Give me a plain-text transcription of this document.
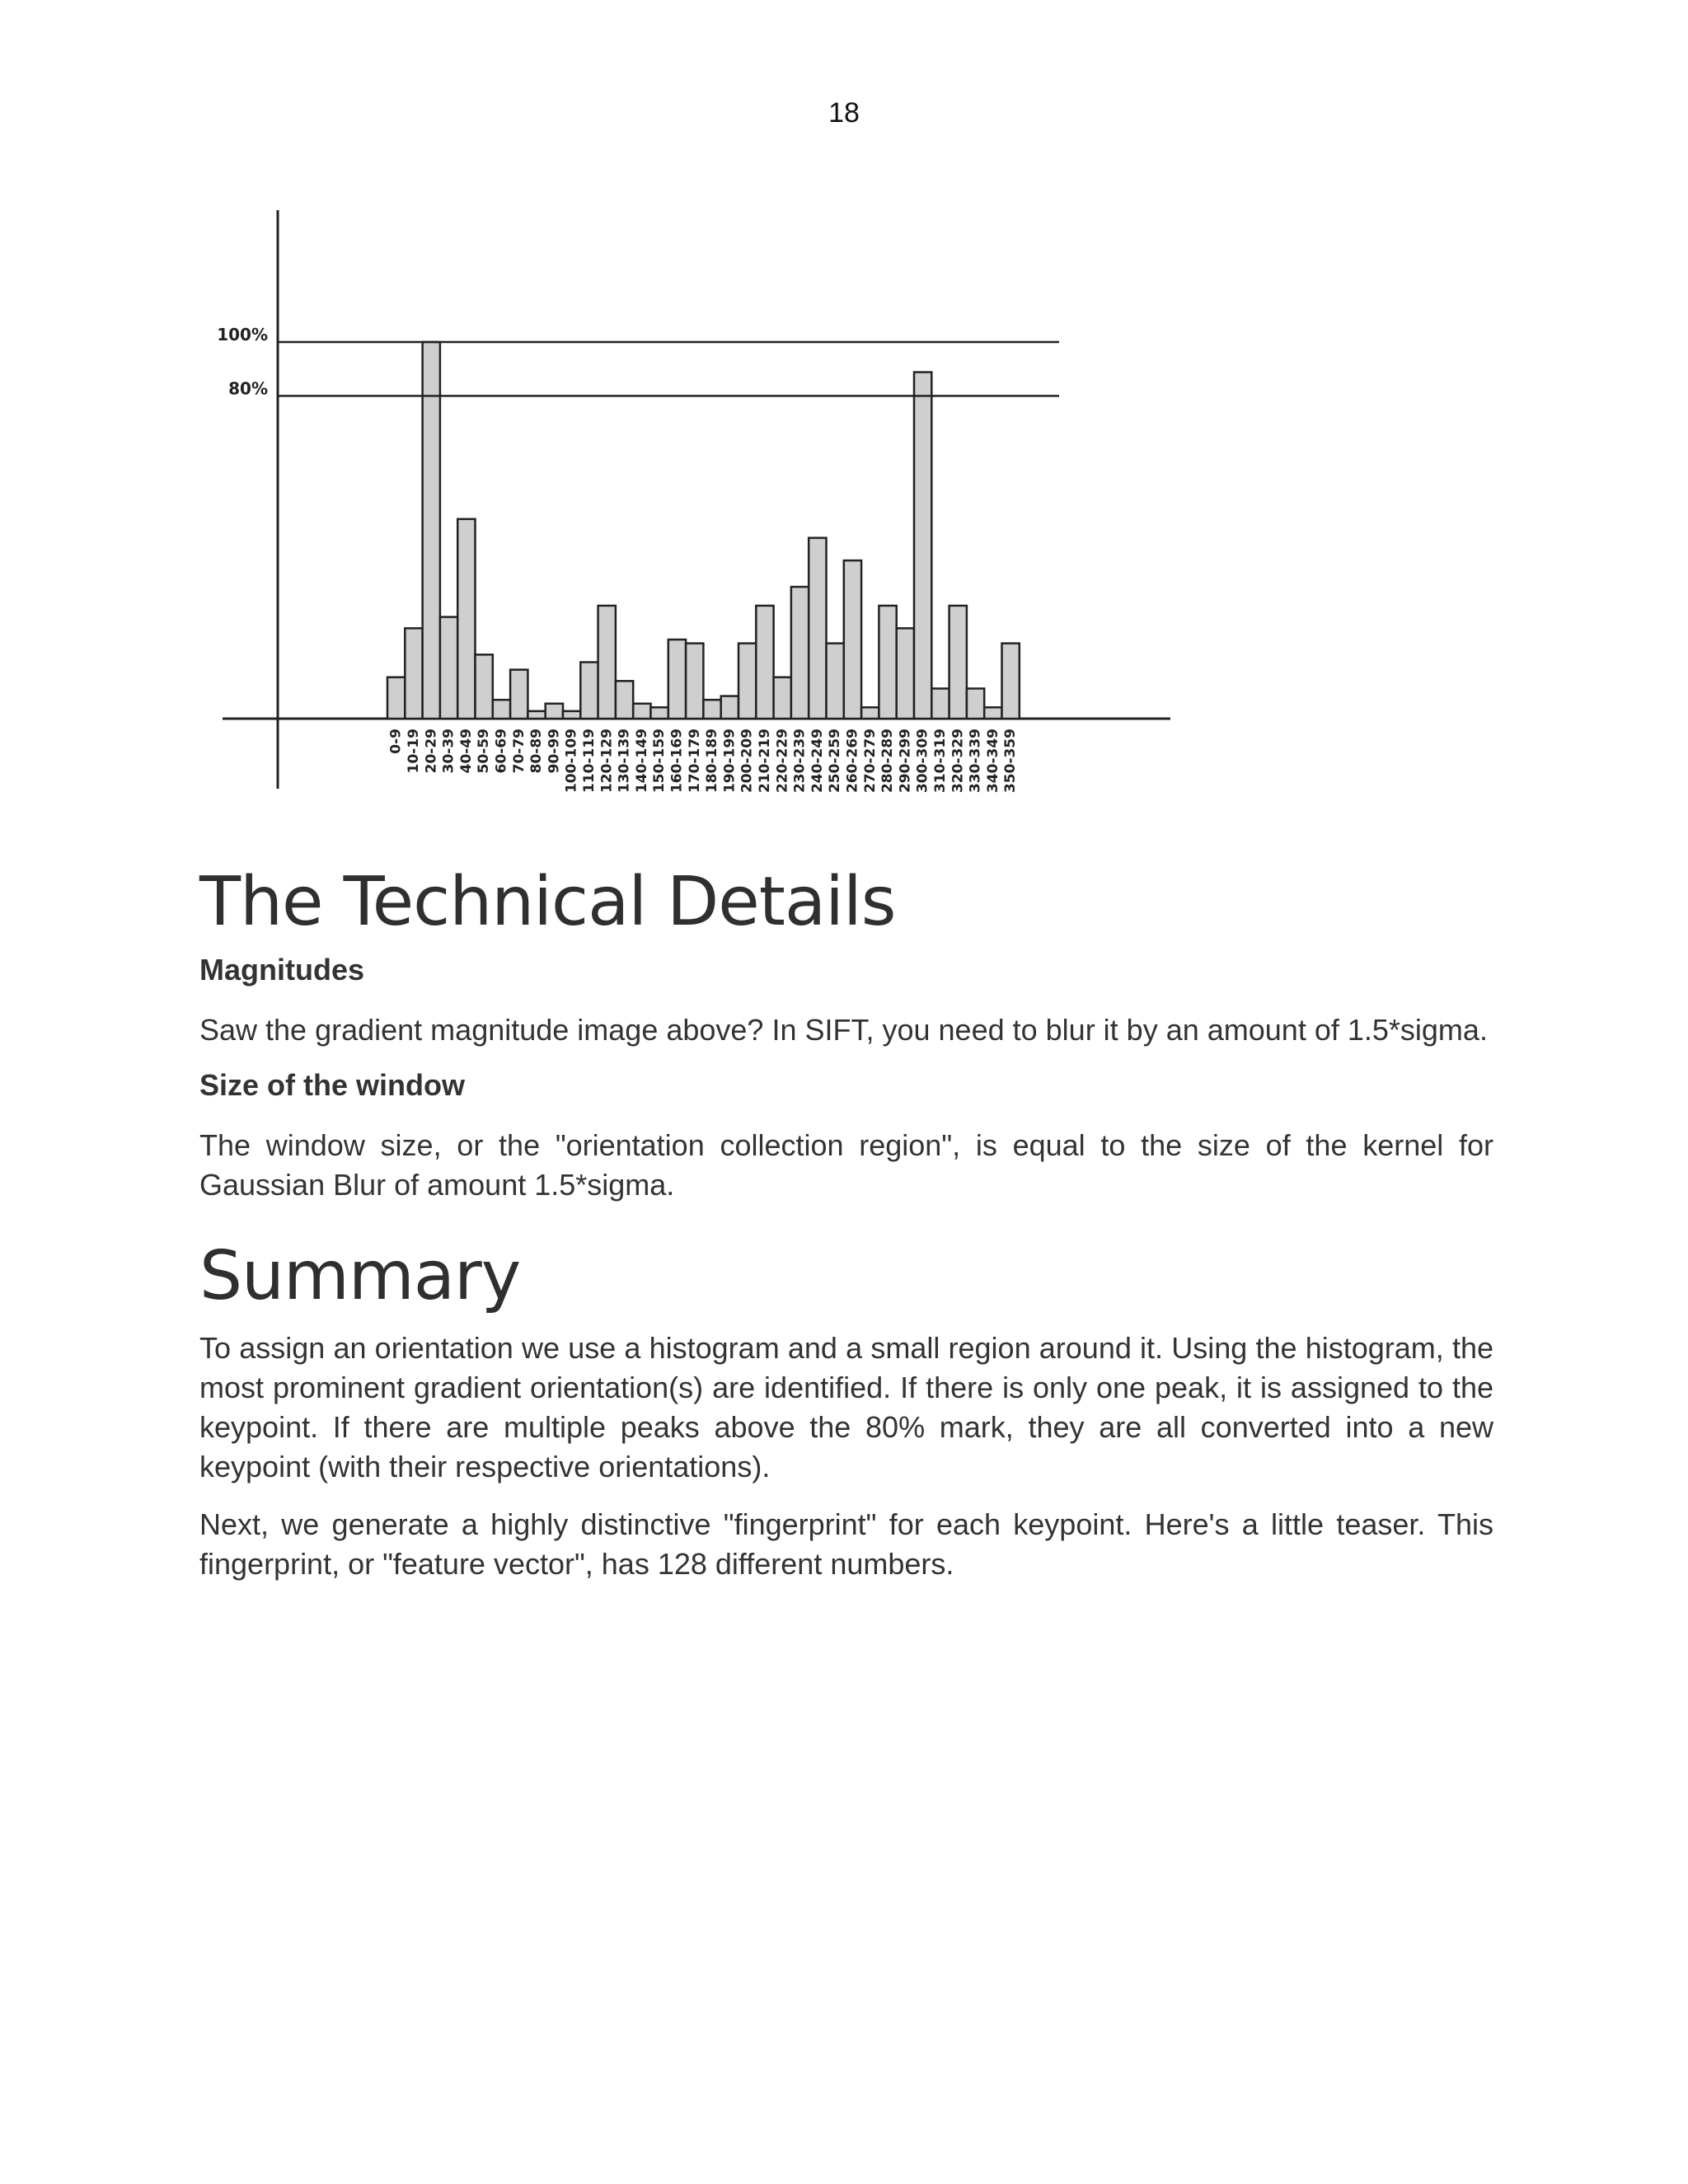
18
100%
80%
0-9 10-19 20-29 30-39 40-49 50-59 60-69 70-79 80-89 90-99 100-109 110-119 120-129 130-139 140-149 150-159 160-169 170-179 180-189 190-199 200-209 210-219 220-229 230-239 240-249 250-259 260-269 270-279 280-289 290-299 300-309 310-319 320-329 330-339 340-349 350-359
The Technical Details
Magnitudes

Saw the gradient magnitude image above? In SIFT, you need to blur it by an amount of 1.5*sigma.

Size of the window

The window size, or the "orientation collection region", is equal to the size of the kernel for Gaussian Blur of amount 1.5*sigma.

Summary

To assign an orientation we use a histogram and a small region around it. Using the histogram, the most prominent gradient orientation(s) are identified. If there is only one peak, it is assigned to the keypoint. If there are multiple peaks above the 80% mark, they are all converted into a new keypoint (with their respective orientations).

Next, we generate a highly distinctive "fingerprint" for each keypoint. Here's a little teaser. This fingerprint, or "feature vector", has 128 different numbers.
